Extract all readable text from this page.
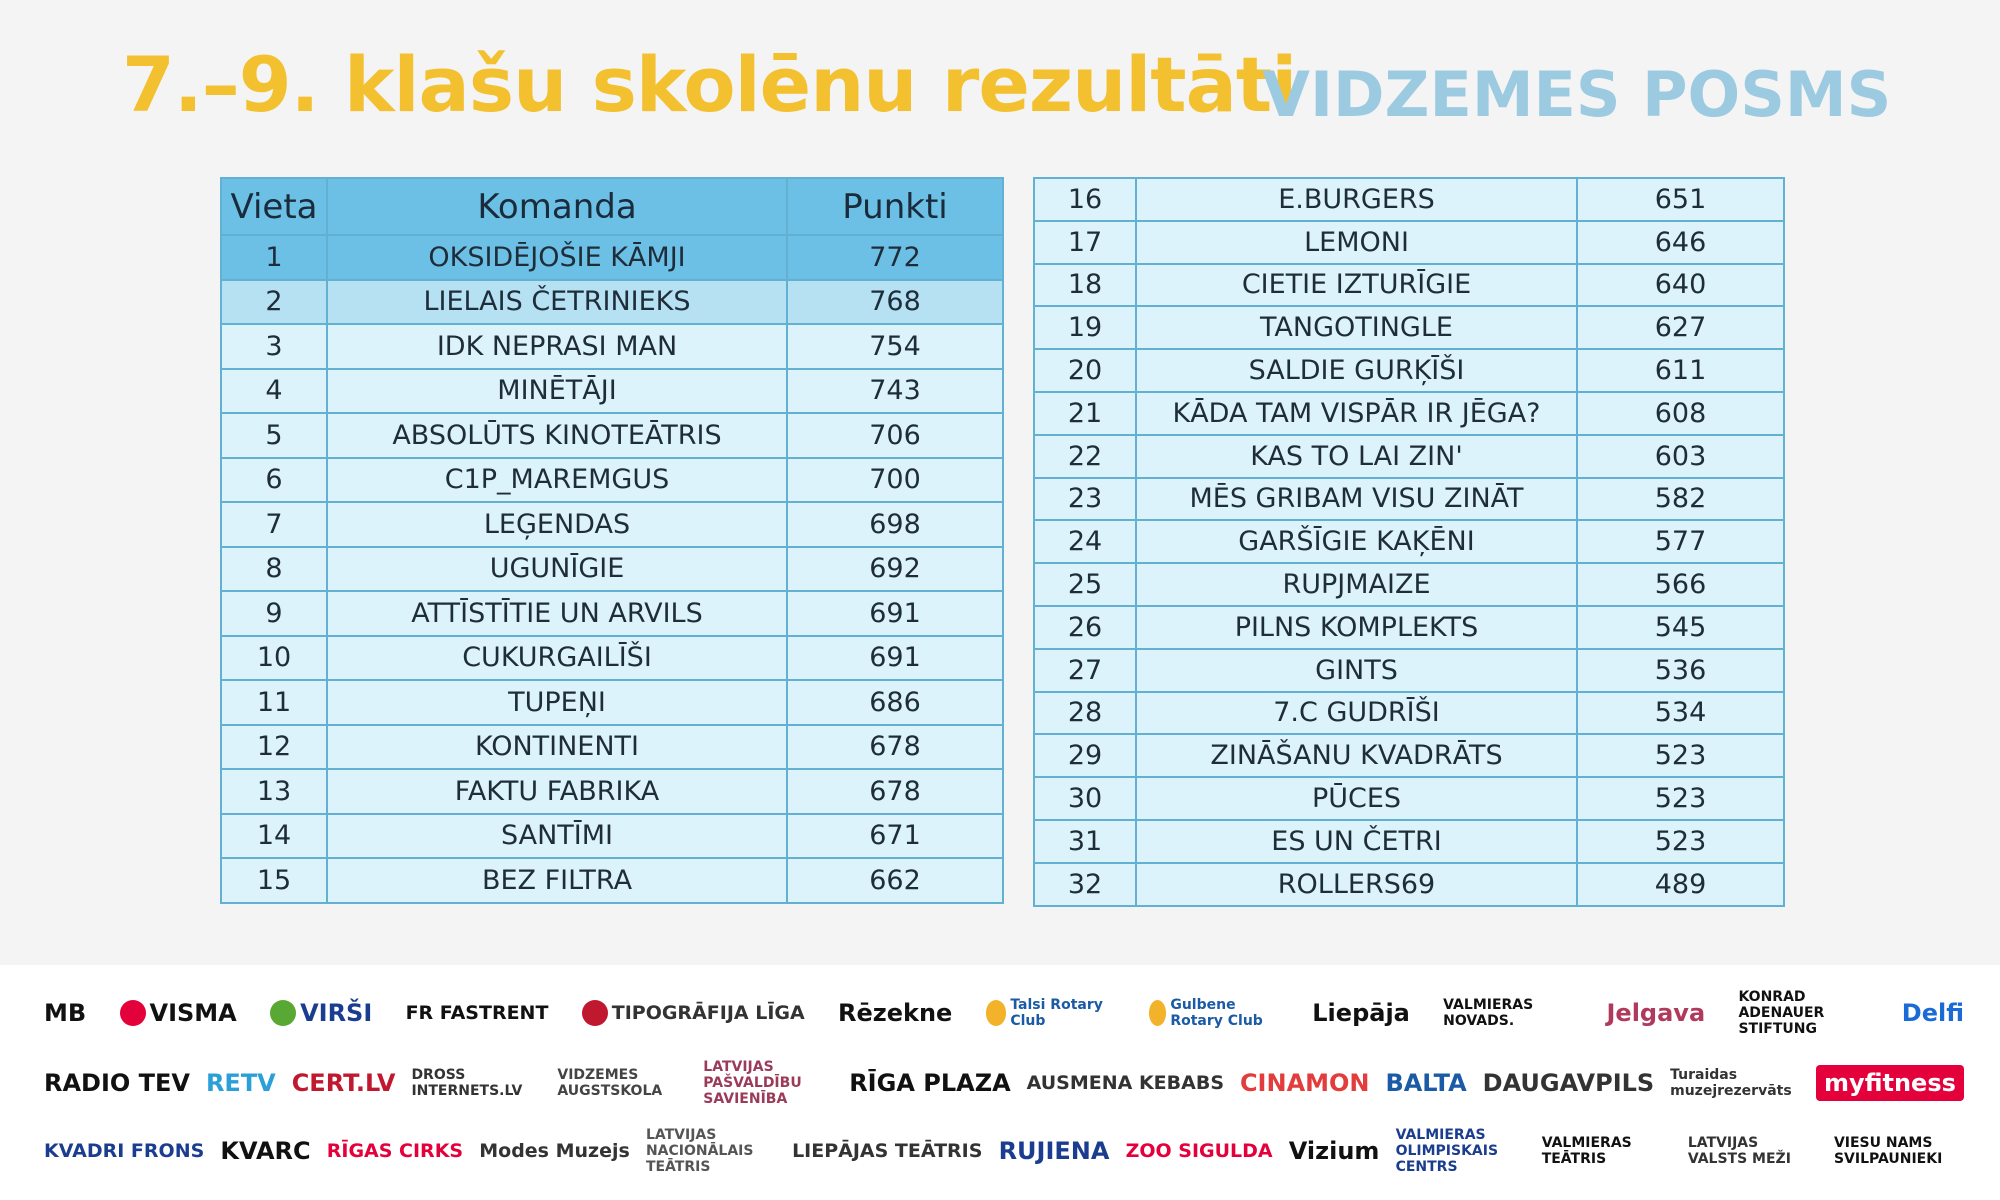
7.–9. klašu skolēnu rezultāti
VIDZEMES POSMS
Vieta	Komanda	Punkti
1	OKSIDĒJOŠIE KĀMJI	772
2	LIELAIS ČETRINIEKS	768
3	IDK NEPRASI MAN	754
4	MINĒTĀJI	743
5	ABSOLŪTS KINOTEĀTRIS	706
6	C1P_MAREMGUS	700
7	LEĢENDAS	698
8	UGUNĪGIE	692
9	ATTĪSTĪTIE UN ARVILS	691
10	CUKURGAILĪŠI	691
11	TUPEŅI	686
12	KONTINENTI	678
13	FAKTU FABRIKA	678
14	SANTĪMI	671
15	BEZ FILTRA	662
16	E.BURGERS	651
17	LEMONI	646
18	CIETIE IZTURĪGIE	640
19	TANGOTINGLE	627
20	SALDIE GURĶĪŠI	611
21	KĀDA TAM VISPĀR IR JĒGA?	608
22	KAS TO LAI ZIN'	603
23	MĒS GRIBAM VISU ZINĀT	582
24	GARŠĪGIE KAĶĒNI	577
25	RUPJMAIZE	566
26	PILNS KOMPLEKTS	545
27	GINTS	536
28	7.C GUDRĪŠI	534
29	ZINĀŠANU KVADRĀTS	523
30	PŪCES	523
31	ES UN ČETRI	523
32	ROLLERS69	489
MB	VISMA	VIRŠI FR FASTRENT	TIPOGRĀFIJA LĪGA Rēzekne	Talsi Rotary Club
Gulbene Rotary Club	Liepāja VALMIERAS NOVADS.	Jelgava
KONRAD ADENAUER STIFTUNG
Delfi
RADIO TEV RETV CERT.LV DROSS INTERNETS.LV
VIDZEMES AUGSTSKOLA
LATVIJAS PAŠVALDĪBU SAVIENĪBA
RĪGA PLAZA AUSMENA KEBABS CINAMON BALTA DAUGAVPILS Turaidas muzejrezervāts	myfitness
KVADRI FRONS KVARC RĪGAS CIRKS Modes Muzejs
LATVIJAS NACIONĀLAIS TEĀTRIS
LIEPĀJAS TEĀTRIS RUJIENA ZOO SIGULDA Vizium
VALMIERAS OLIMPISKAIS CENTRS
VALMIERAS TEĀTRIS
LATVIJAS VALSTS MEŽI
VIESU NAMS SVILPAUNIEKI
